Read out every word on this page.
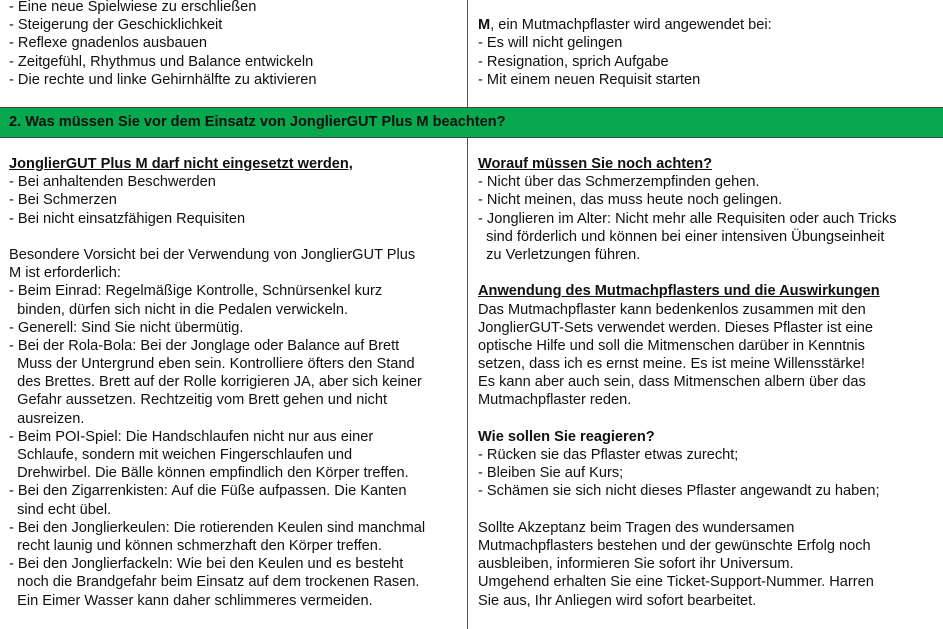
- Eine neue Spielwiese zu erschließen
- Steigerung der Geschicklichkeit
- Reflexe gnadenlos ausbauen
- Zeitgefühl, Rhythmus und Balance entwickeln
- Die rechte und linke Gehirnhälfte zu aktivieren
M, ein Mutmachpflaster wird angewendet bei:
- Es will nicht gelingen
- Resignation, sprich Aufgabe
- Mit einem neuen Requisit starten
2. Was müssen Sie vor dem Einsatz von JonglierGUT Plus M beachten?
JonglierGUT Plus M darf nicht eingesetzt werden,
- Bei anhaltenden Beschwerden
- Bei Schmerzen
- Bei nicht einsatzfähigen Requisiten
Besondere Vorsicht bei der Verwendung von JonglierGUT Plus
M ist erforderlich:
- Beim Einrad: Regelmäßige Kontrolle, Schnürsenkel kurz
binden, dürfen sich nicht in die Pedalen verwickeln.
- Generell: Sind Sie nicht übermütig.
- Bei der Rola-Bola: Bei der Jonglage oder Balance auf Brett
Muss der Untergrund eben sein. Kontrolliere öfters den Stand
des Brettes. Brett auf der Rolle korrigieren JA, aber sich keiner
Gefahr aussetzen. Rechtzeitig vom Brett gehen und nicht
ausreizen.
- Beim POI-Spiel: Die Handschlaufen nicht nur aus einer
Schlaufe, sondern mit weichen Fingerschlaufen und
Drehwirbel. Die Bälle können empfindlich den Körper treffen.
- Bei den Zigarrenkisten: Auf die Füße aufpassen. Die Kanten
sind echt übel.
- Bei den Jonglierkeulen: Die rotierenden Keulen sind manchmal
recht launig und können schmerzhaft den Körper treffen.
- Bei den Jonglierfackeln: Wie bei den Keulen und es besteht
noch die Brandgefahr beim Einsatz auf dem trockenen Rasen.
Ein Eimer Wasser kann daher schlimmeres vermeiden.
Worauf müssen Sie noch achten?
- Nicht über das Schmerzempfinden gehen.
- Nicht meinen, das muss heute noch gelingen.
- Jonglieren im Alter: Nicht mehr alle Requisiten oder auch Tricks
sind förderlich und können bei einer intensiven Übungseinheit
zu Verletzungen führen.
Anwendung des Mutmachpflasters und die Auswirkungen
Das Mutmachpflaster kann bedenkenlos zusammen mit den
JonglierGUT-Sets verwendet werden. Dieses Pflaster ist eine
optische Hilfe und soll die Mitmenschen darüber in Kenntnis
setzen, dass ich es ernst meine. Es ist meine Willensstärke!
Es kann aber auch sein, dass Mitmenschen albern über das
Mutmachpflaster reden.
Wie sollen Sie reagieren?
- Rücken sie das Pflaster etwas zurecht;
- Bleiben Sie auf Kurs;
- Schämen sie sich nicht dieses Pflaster angewandt zu haben;
Sollte Akzeptanz beim Tragen des wundersamen
Mutmachpflasters bestehen und der gewünschte Erfolg noch
ausbleiben, informieren Sie sofort ihr Universum.
Umgehend erhalten Sie eine Ticket-Support-Nummer. Harren
Sie aus, Ihr Anliegen wird sofort bearbeitet.
